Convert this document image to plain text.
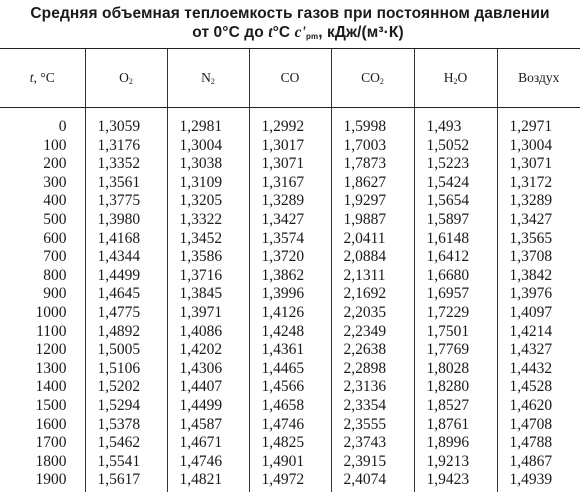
Средняя объемная теплоемкость газов при постоянном давлении
от 0°C до t°C $c'_{pm}$, кДж/(м³·К)
t, °C	$O_2$	$N_2$	CO	$CO_2$	$H_2O$	Воздух
0	1,3059	1,2981	1,2992	1,5998	1,493	1,2971
100	1,3176	1,3004	1,3017	1,7003	1,5052	1,3004
200	1,3352	1,3038	1,3071	1,7873	1,5223	1,3071
300	1,3561	1,3109	1,3167	1,8627	1,5424	1,3172
400	1,3775	1,3205	1,3289	1,9297	1,5654	1,3289
500	1,3980	1,3322	1,3427	1,9887	1,5897	1,3427
600	1,4168	1,3452	1,3574	2,0411	1,6148	1,3565
700	1,4344	1,3586	1,3720	2,0884	1,6412	1,3708
800	1,4499	1,3716	1,3862	2,1311	1,6680	1,3842
900	1,4645	1,3845	1,3996	2,1692	1,6957	1,3976
1000	1,4775	1,3971	1,4126	2,2035	1,7229	1,4097
1100	1,4892	1,4086	1,4248	2,2349	1,7501	1,4214
1200	1,5005	1,4202	1,4361	2,2638	1,7769	1,4327
1300	1,5106	1,4306	1,4465	2,2898	1,8028	1,4432
1400	1,5202	1,4407	1,4566	2,3136	1,8280	1,4528
1500	1,5294	1,4499	1,4658	2,3354	1,8527	1,4620
1600	1,5378	1,4587	1,4746	2,3555	1,8761	1,4708
1700	1,5462	1,4671	1,4825	2,3743	1,8996	1,4788
1800	1,5541	1,4746	1,4901	2,3915	1,9213	1,4867
1900	1,5617	1,4821	1,4972	2,4074	1,9423	1,4939
